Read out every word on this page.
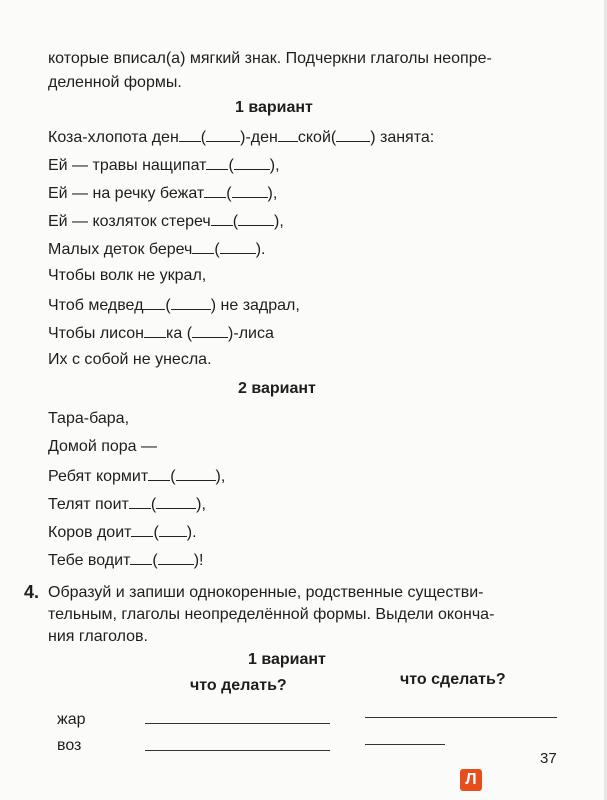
которые вписал(а) мягкий знак. Подчеркни глаголы неопре-
деленной формы.
1 вариант
Коза-хлопота ден ( )-ден ской( ) занята:
Ей — травы нащипат ( ),
Ей — на речку бежат ( ),
Ей — козляток стереч ( ),
Малых деток береч ( ).
Чтобы волк не украл,
Чтоб медвед (	) не задрал,
Чтобы лисон ка ( )-лиса
Их с собой не унесла.
2 вариант
Тара-бара,
Домой пора —
Ребят кормит (	),
Телят поит (	),
Коров доит ( ).
Тебе водит ( )!
4. Образуй и запиши однокоренные, родственные существи-
тельным, глаголы неопределённой формы. Выдели оконча-
ния глаголов.
1 вариант
что делать?	что сделать?
жар
воз
37
Л
